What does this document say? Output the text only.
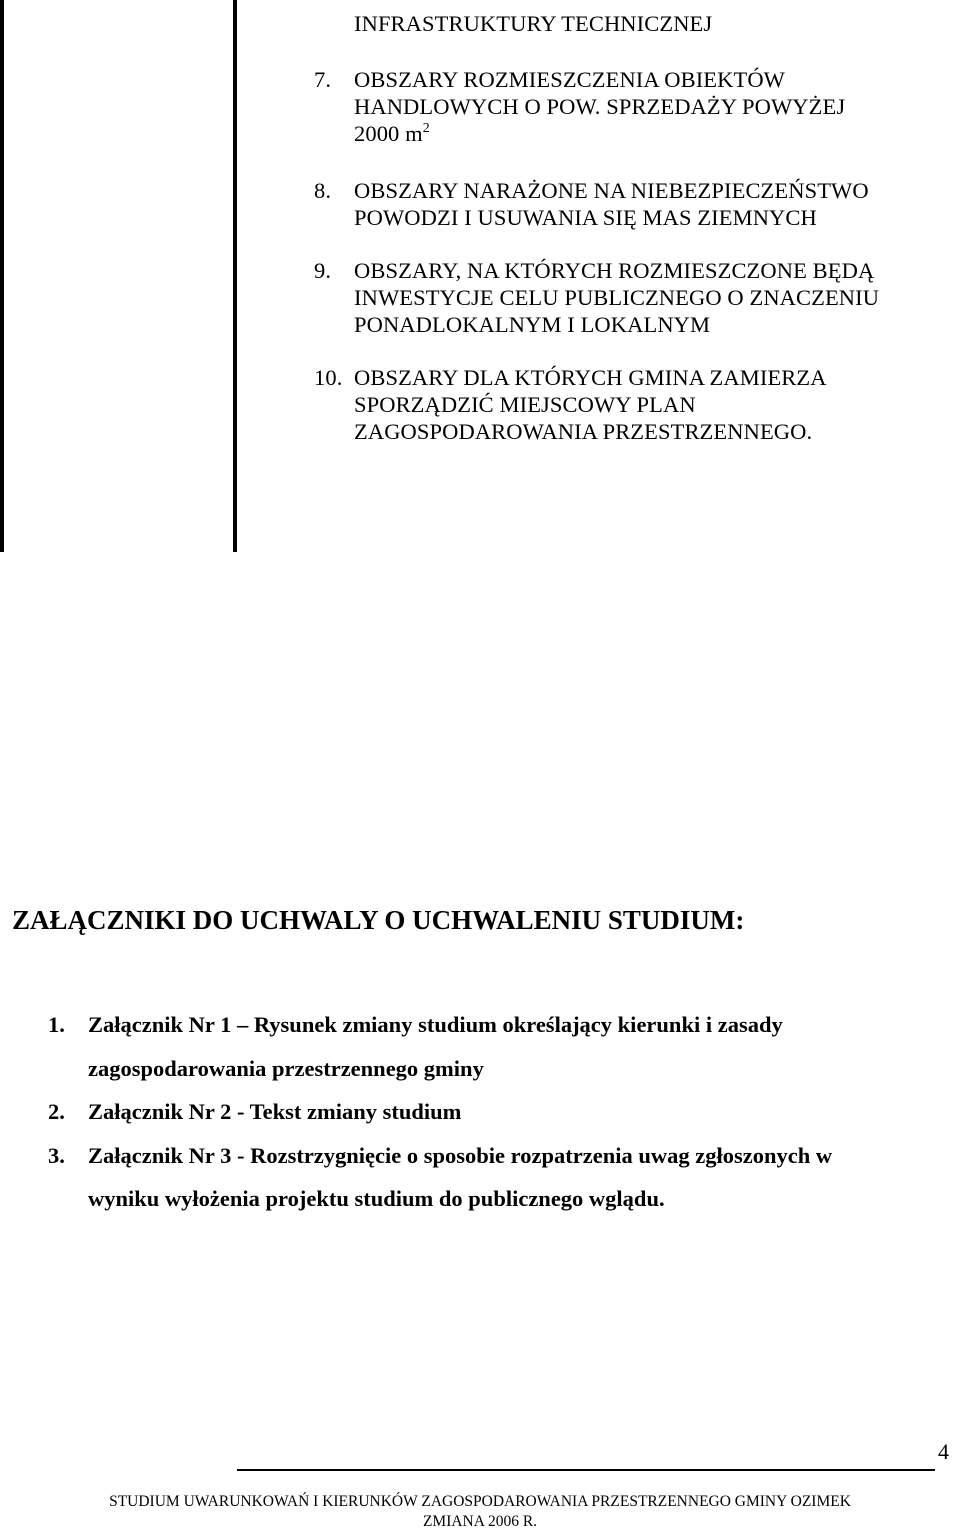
INFRASTRUKTURY TECHNICZNEJ
7.	OBSZARY ROZMIESZCZENIA OBIEKTÓW
HANDLOWYCH O POW. SPRZEDAŻY POWYŻEJ
2000 $m^2$
8.	OBSZARY NARAŻONE NA NIEBEZPIECZEŃSTWO
POWODZI I USUWANIA SIĘ MAS ZIEMNYCH
9.	OBSZARY, NA KTÓRYCH ROZMIESZCZONE BĘDĄ
INWESTYCJE CELU PUBLICZNEGO O ZNACZENIU
PONADLOKALNYM I LOKALNYM
10. OBSZARY DLA KTÓRYCH GMINA ZAMIERZA
SPORZĄDZIĆ MIEJSCOWY PLAN
ZAGOSPODAROWANIA PRZESTRZENNEGO.
ZAŁĄCZNIKI DO UCHWALY O UCHWALENIU STUDIUM:
1.	Załącznik Nr 1 – Rysunek zmiany studium określający kierunki i zasady
zagospodarowania przestrzennego gminy
2.	Załącznik Nr 2 - Tekst zmiany studium
3.	Załącznik Nr 3 - Rozstrzygnięcie o sposobie rozpatrzenia uwag zgłoszonych w
wyniku wyłożenia projektu studium do publicznego wglądu.
4
STUDIUM UWARUNKOWAŃ I KIERUNKÓW ZAGOSPODAROWANIA PRZESTRZENNEGO GMINY OZIMEK
ZMIANA 2006 R.
